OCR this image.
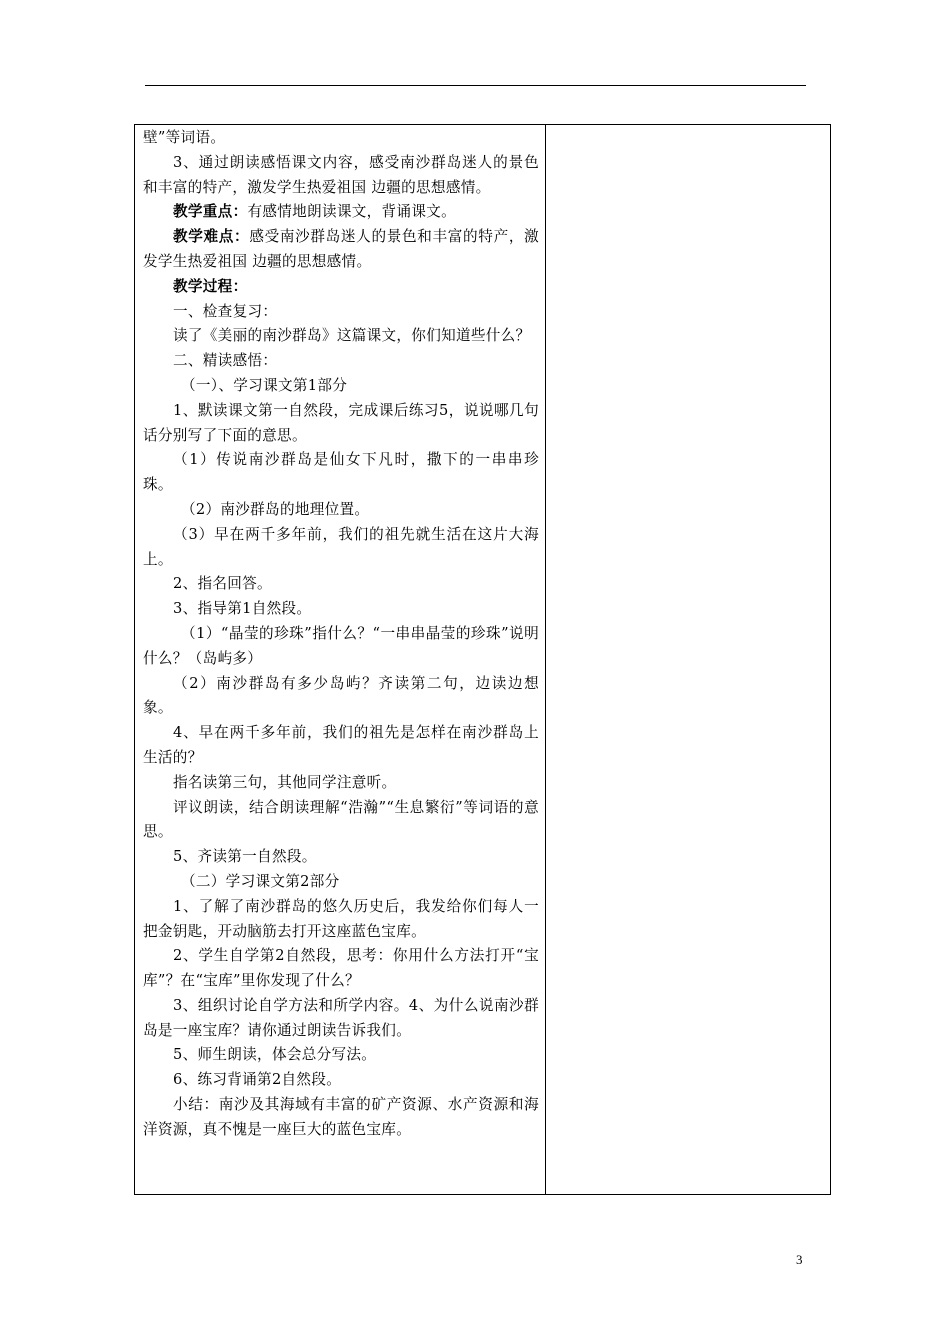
壁”等词语。

3、通过朗读感悟课文内容，感受南沙群岛迷人的景色和丰富的特产，激发学生热爱祖国 边疆的思想感情。

教学重点：有感情地朗读课文，背诵课文。

教学难点：感受南沙群岛迷人的景色和丰富的特产，激发学生热爱祖国 边疆的思想感情。

教学过程：

一、检查复习：

读了《美丽的南沙群岛》这篇课文，你们知道些什么？

二、精读感悟：

（一）、学习课文第1部分

1、默读课文第一自然段，完成课后练习5，说说哪几句话分别写了下面的意思。

（1）传说南沙群岛是仙女下凡时，撒下的一串串珍珠。

（2）南沙群岛的地理位置。

（3）早在两千多年前，我们的祖先就生活在这片大海上。

2、指名回答。

3、指导第1自然段。

（1）“晶莹的珍珠”指什么？“一串串晶莹的珍珠”说明什么？（岛屿多）

（2）南沙群岛有多少岛屿？齐读第二句，边读边想象。

4、早在两千多年前，我们的祖先是怎样在南沙群岛上生活的？

指名读第三句，其他同学注意听。

评议朗读，结合朗读理解“浩瀚”“生息繁衍”等词语的意思。

5、齐读第一自然段。

（二）学习课文第2部分

1、了解了南沙群岛的悠久历史后，我发给你们每人一把金钥匙，开动脑筋去打开这座蓝色宝库。

2、学生自学第2自然段，思考：你用什么方法打开“宝库”？在“宝库”里你发现了什么？

3、组织讨论自学方法和所学内容。4、为什么说南沙群岛是一座宝库？请你通过朗读告诉我们。

5、师生朗读，体会总分写法。

6、练习背诵第2自然段。

小结：南沙及其海域有丰富的矿产资源、水产资源和海洋资源，真不愧是一座巨大的蓝色宝库。

3
